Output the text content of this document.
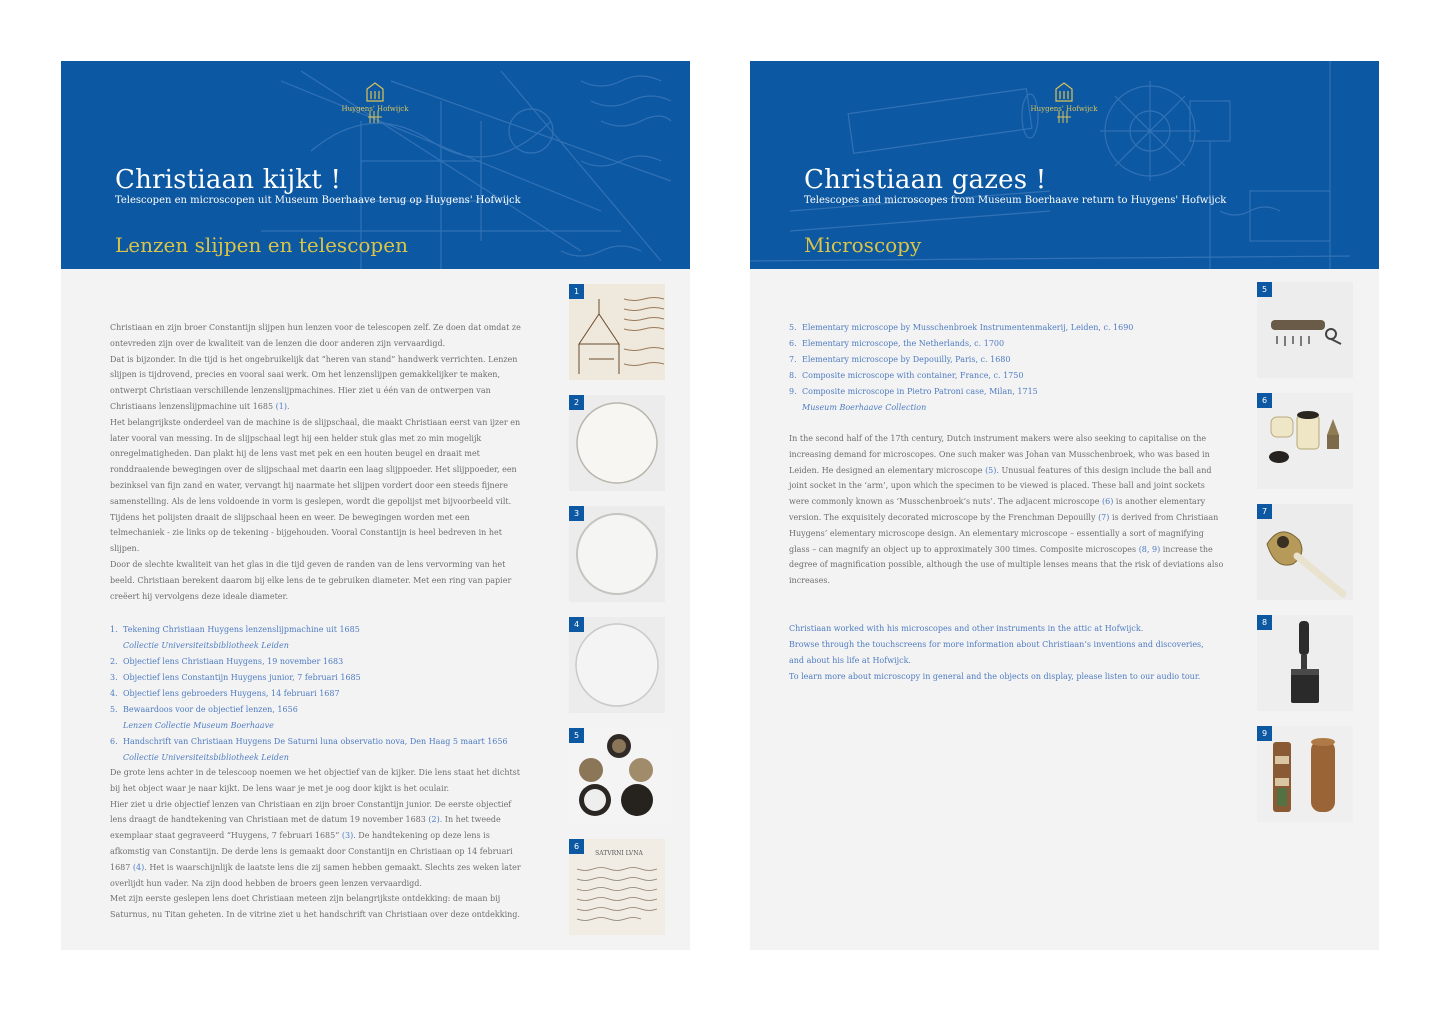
Huygens' Hofwijck
Christiaan kijkt !
Telescopen en microscopen uit Museum Boerhaave terug op Huygens' Hofwijck
Lenzen slijpen en telescopen

Christiaan en zijn broer Constantijn slijpen hun lenzen voor de telescopen zelf. Ze doen dat omdat ze ontevreden zijn over de kwaliteit van de lenzen die door anderen zijn vervaardigd.

Dat is bijzonder. In die tijd is het ongebruikelijk dat “heren van stand” handwerk verrichten. Lenzen slijpen is tijdrovend, precies en vooral saai werk. Om het lenzenslijpen gemakkelijker te maken, ontwerpt Christiaan verschillende lenzenslijpmachines. Hier ziet u één van de ontwerpen van Christiaans lenzenslijpmachine uit 1685 (1).

Het belangrijkste onderdeel van de machine is de slijpschaal, die maakt Christiaan eerst van ijzer en later vooral van messing. In de slijpschaal legt hij een helder stuk glas met zo min mogelijk onregelmatigheden. Dan plakt hij de lens vast met pek en een houten beugel en draait met ronddraaiende bewegingen over de slijpschaal met daarin een laag slijppoeder. Het slijppoeder, een bezinksel van fijn zand en water, vervangt hij naarmate het slijpen vordert door een steeds fijnere samenstelling. Als de lens voldoende in vorm is geslepen, wordt die gepolijst met bijvoorbeeld vilt. Tijdens het polijsten draait de slijpschaal heen en weer. De bewegingen worden met een telmechaniek - zie links op de tekening - bijgehouden. Vooral Constantijn is heel bedreven in het slijpen.

Door de slechte kwaliteit van het glas in die tijd geven de randen van de lens vervorming van het beeld. Christiaan berekent daarom bij elke lens de te gebruiken diameter. Met een ring van papier creëert hij vervolgens deze ideale diameter.

1. Tekening Christiaan Huygens lenzenslijpmachine uit 1685
Collectie Universiteitsbibliotheek Leiden
2. Objectief lens Christiaan Huygens, 19 november 1683
3. Objectief lens Constantijn Huygens junior, 7 februari 1685
4. Objectief lens gebroeders Huygens, 14 februari 1687
5. Bewaardoos voor de objectief lenzen, 1656
Lenzen Collectie Museum Boerhaave
6. Handschrift van Christiaan Huygens De Saturni luna observatio nova, Den Haag 5 maart 1656
Collectie Universiteitsbibliotheek Leiden

De grote lens achter in de telescoop noemen we het objectief van de kijker. Die lens staat het dichtst bij het object waar je naar kijkt. De lens waar je met je oog door kijkt is het oculair.

Hier ziet u drie objectief lenzen van Christiaan en zijn broer Constantijn junior. De eerste objectief lens draagt de handtekening van Christiaan met de datum 19 november 1683 (2). In het tweede exemplaar staat gegraveerd “Huygens, 7 februari 1685” (3). De handtekening op deze lens is afkomstig van Constantijn. De derde lens is gemaakt door Constantijn en Christiaan op 14 februari 1687 (4). Het is waarschijnlijk de laatste lens die zij samen hebben gemaakt. Slechts zes weken later overlijdt hun vader. Na zijn dood hebben de broers geen lenzen vervaardigd.

Met zijn eerste geslepen lens doet Christiaan meteen zijn belangrijkste ontdekking: de maan bij Saturnus, nu Titan geheten. In de vitrine ziet u het handschrift van Christiaan over deze ontdekking.

1
2
3
4
5
SATVRNI LVNA
6
Huygens' Hofwijck
Christiaan gazes !
Telescopes and microscopes from Museum Boerhaave return to Huygens' Hofwijck
Microscopy
5. Elementary microscope by Musschenbroek Instrumentenmakerij, Leiden, c. 1690
6. Elementary microscope, the Netherlands, c. 1700
7. Elementary microscope by Depouilly, Paris, c. 1680
8. Composite microscope with container, France, c. 1750
9. Composite microscope in Pietro Patroni case, Milan, 1715
Museum Boerhaave Collection

In the second half of the 17th century, Dutch instrument makers were also seeking to capitalise on the increasing demand for microscopes. One such maker was Johan van Musschenbroek, who was based in Leiden. He designed an elementary microscope (5). Unusual features of this design include the ball and joint socket in the ‘arm’, upon which the specimen to be viewed is placed. These ball and joint sockets were commonly known as ‘Musschenbroek’s nuts’. The adjacent microscope (6) is another elementary version. The exquisitely decorated microscope by the Frenchman Depouilly (7) is derived from Christiaan Huygens’ elementary microscope design. An elementary microscope – essentially a sort of magnifying glass – can magnify an object up to approximately 300 times. Composite microscopes (8, 9) increase the degree of magnification possible, although the use of multiple lenses means that the risk of deviations also increases.

Christiaan worked with his microscopes and other instruments in the attic at Hofwijck.

Browse through the touchscreens for more information about Christiaan’s inventions and discoveries,

and about his life at Hofwijck.

To learn more about microscopy in general and the objects on display, please listen to our audio tour.

5
6
7
8
9
